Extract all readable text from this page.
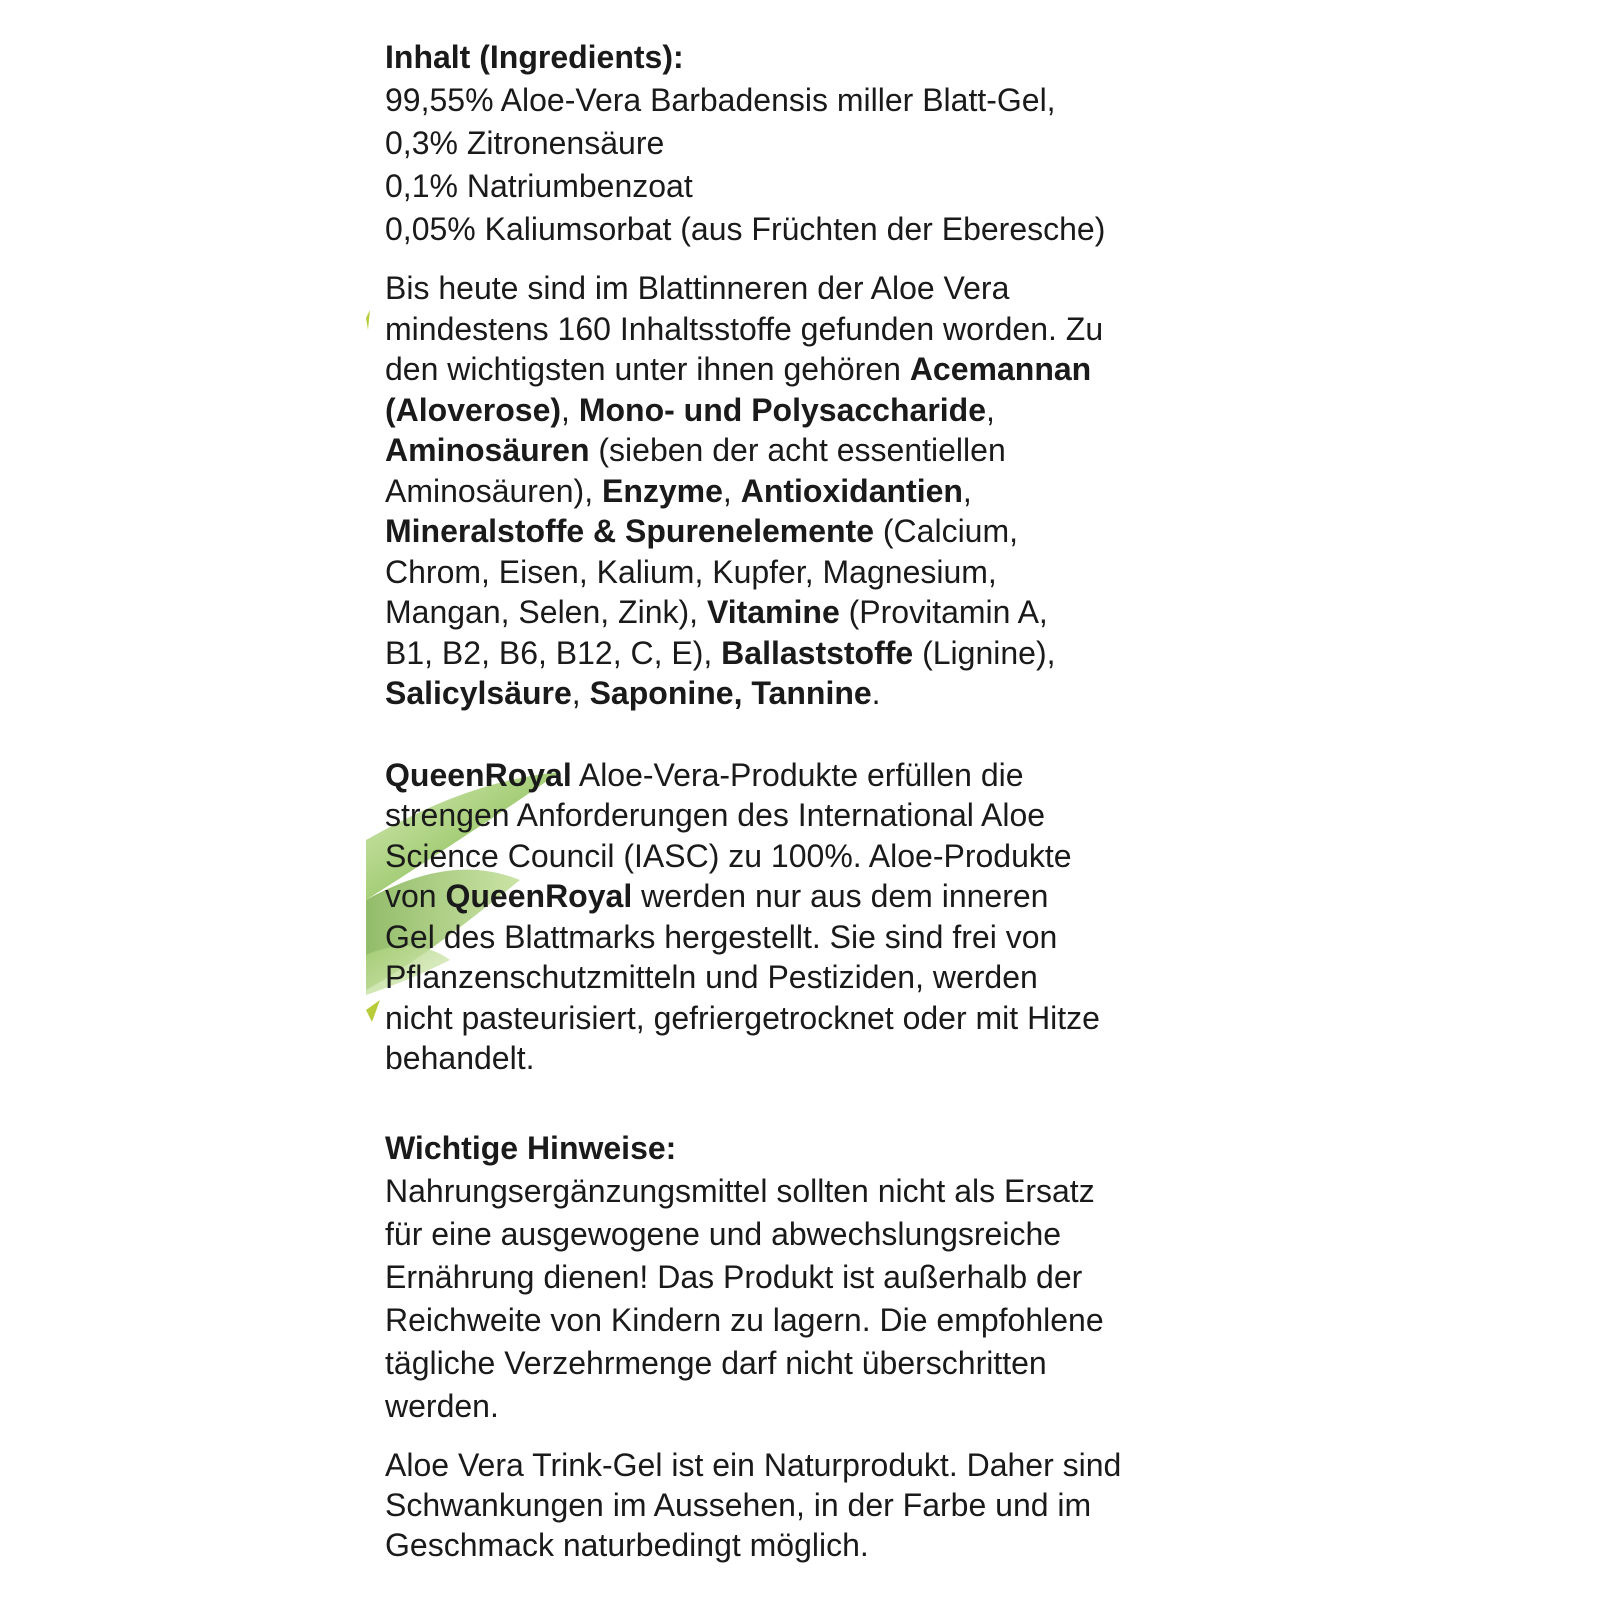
Inhalt (Ingredients):
99,55% Aloe-Vera Barbadensis miller Blatt-Gel,
0,3% Zitronensäure
0,1% Natriumbenzoat
0,05% Kaliumsorbat (aus Früchten der Eberesche)
Bis heute sind im Blattinneren der Aloe Vera
mindestens 160 Inhaltsstoffe gefunden worden. Zu
den wichtigsten unter ihnen gehören Acemannan
(Aloverose), Mono- und Polysaccharide,
Aminosäuren (sieben der acht essentiellen
Aminosäuren), Enzyme, Antioxidantien,
Mineralstoffe & Spurenelemente (Calcium,
Chrom, Eisen, Kalium, Kupfer, Magnesium,
Mangan, Selen, Zink), Vitamine (Provitamin A,
B1, B2, B6, B12, C, E), Ballaststoffe (Lignine),
Salicylsäure, Saponine, Tannine.
QueenRoyal Aloe-Vera-Produkte erfüllen die
strengen Anforderungen des International Aloe
Science Council (IASC) zu 100%. Aloe-Produkte
von QueenRoyal werden nur aus dem inneren
Gel des Blattmarks hergestellt. Sie sind frei von
Pflanzenschutzmitteln und Pestiziden, werden
nicht pasteurisiert, gefriergetrocknet oder mit Hitze
behandelt.
Wichtige Hinweise:
Nahrungsergänzungsmittel sollten nicht als Ersatz
für eine ausgewogene und abwechslungsreiche
Ernährung dienen! Das Produkt ist außerhalb der
Reichweite von Kindern zu lagern. Die empfohlene
tägliche Verzehrmenge darf nicht überschritten
werden.
Aloe Vera Trink-Gel ist ein Naturprodukt. Daher sind
Schwankungen im Aussehen, in der Farbe und im
Geschmack naturbedingt möglich.
